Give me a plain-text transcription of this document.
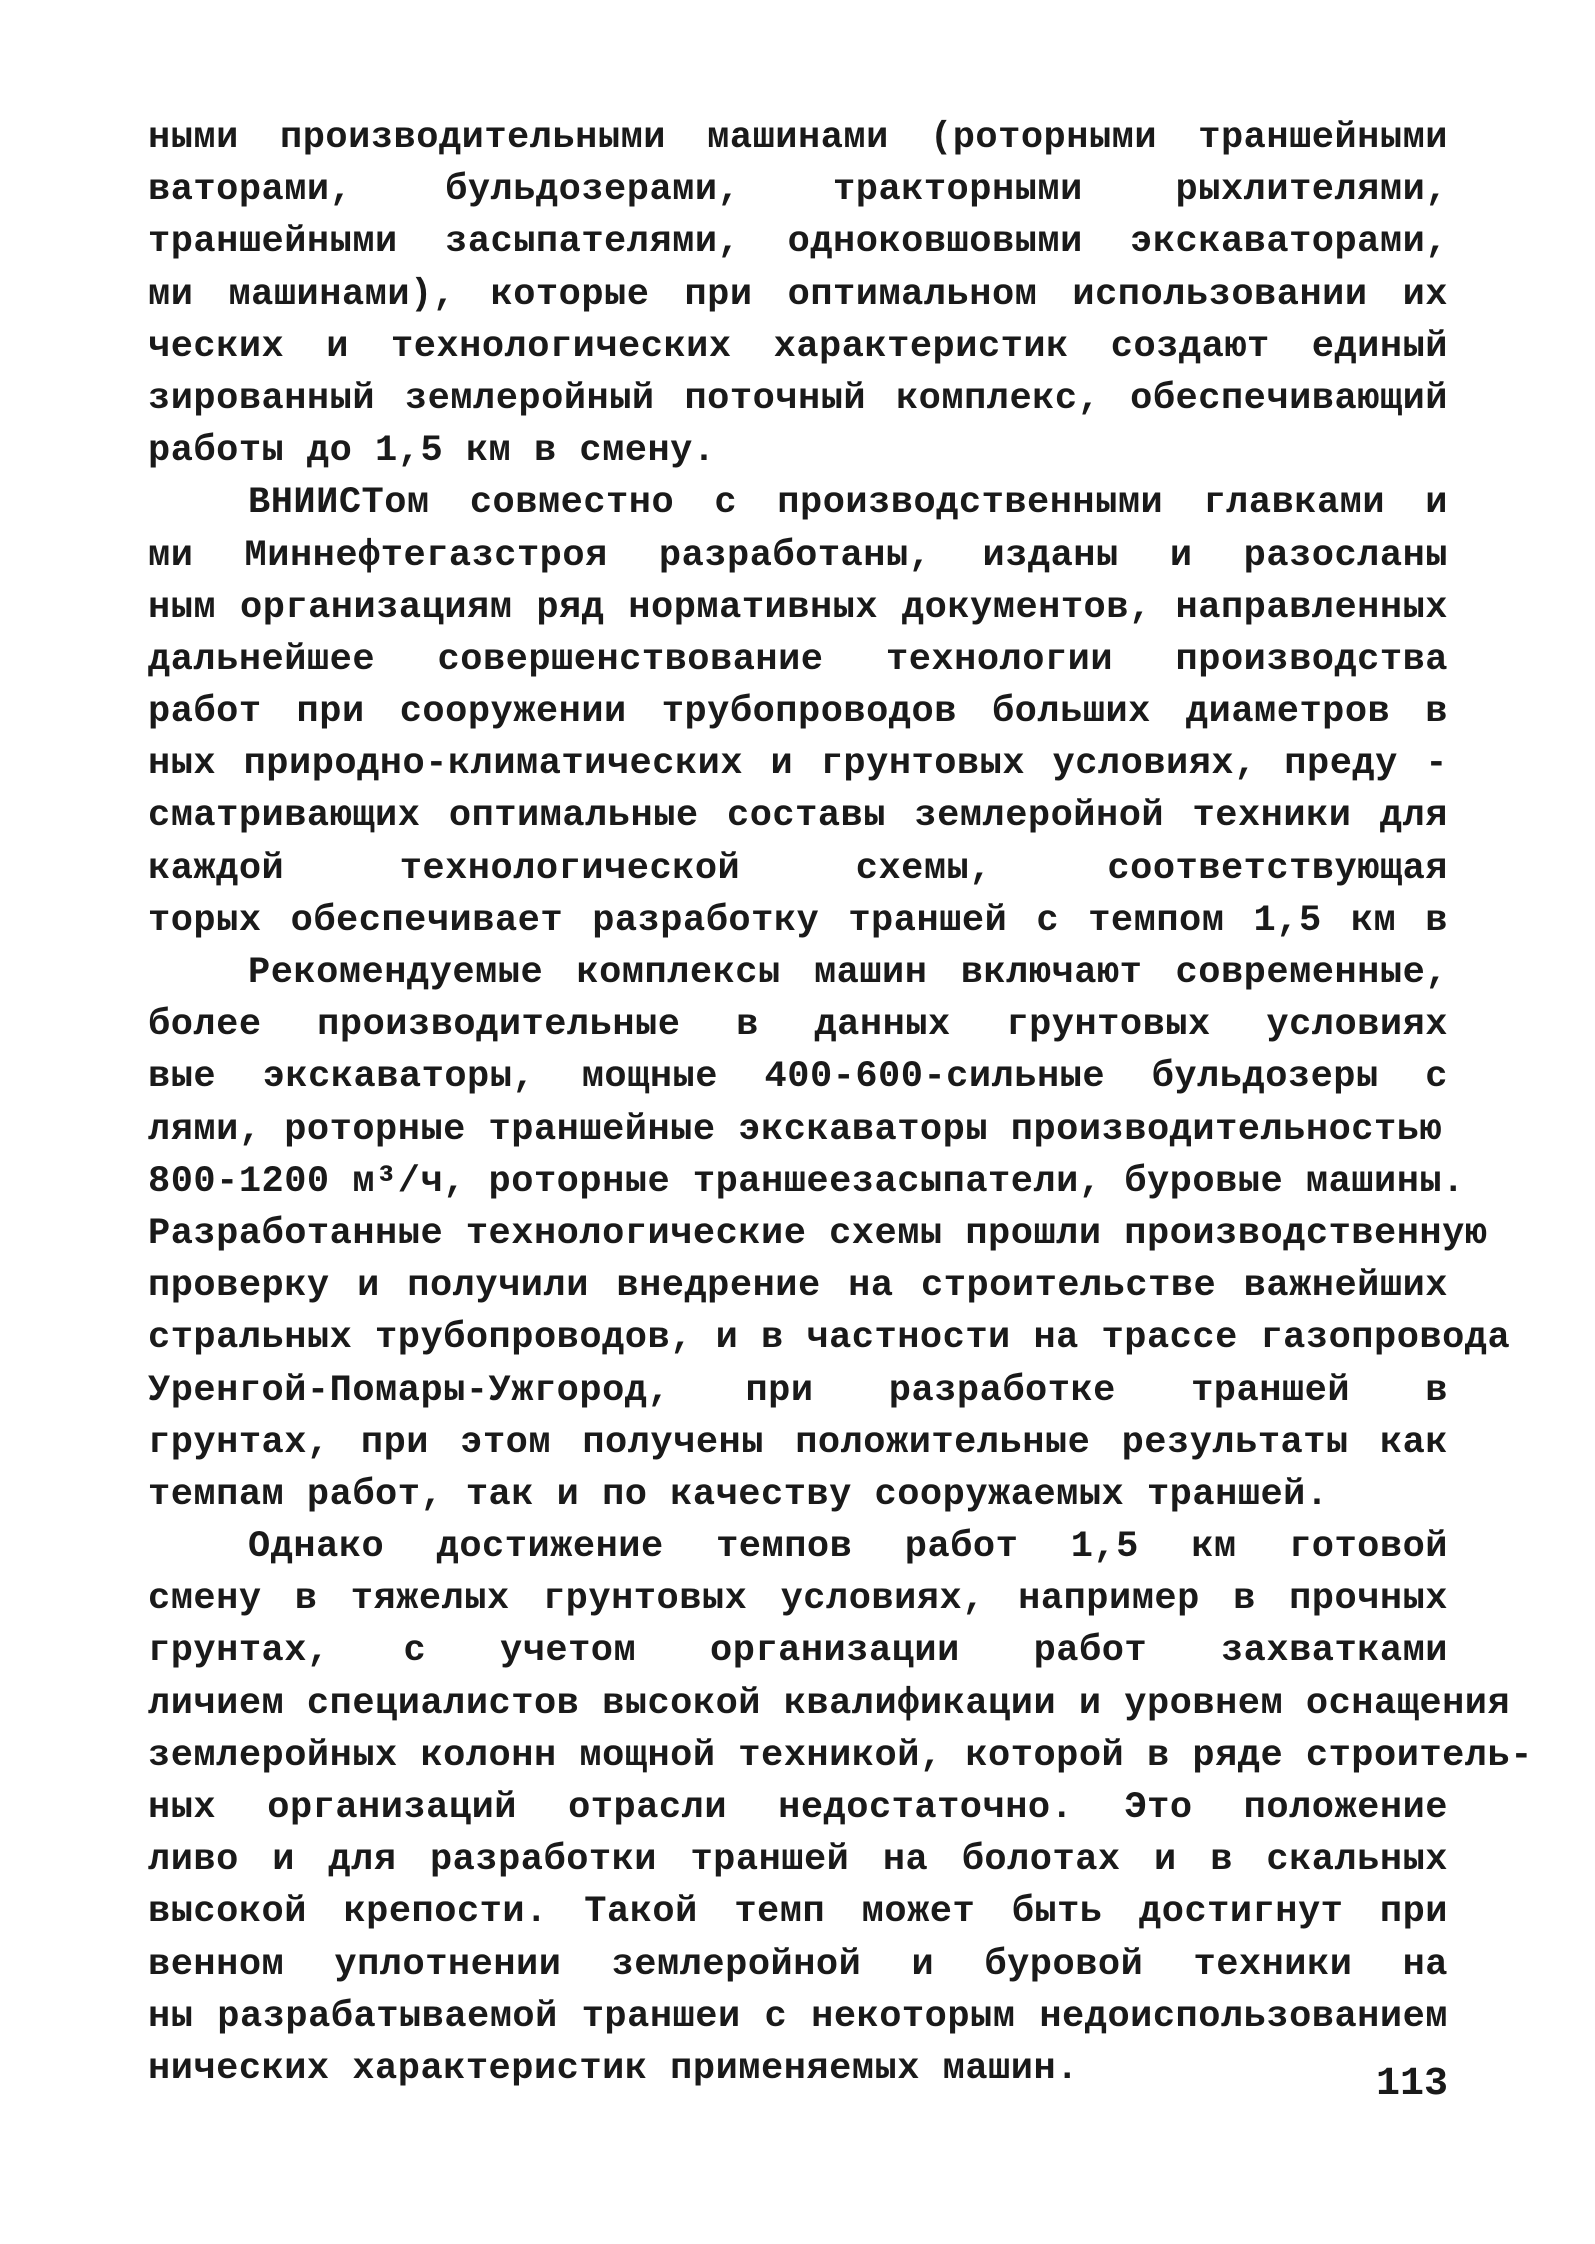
ными производительными машинами (роторными траншейными
ваторами, бульдозерами, тракторными рыхлителями,
траншейными засыпателями, одноковшовыми экскаваторами,
ми машинами), которые при оптимальном использовании их
ческих и технологических характеристик создают единый
зированный землеройный поточный комплекс, обеспечивающий
работы до 1,5 км в смену.
ВНИИСТом совместно с производственными главками и
ми Миннефтегазстроя разработаны, изданы и разосланы
ным организациям ряд нормативных документов, направленных
дальнейшее совершенствование технологии производства
работ при сооружении трубопроводов больших диаметров в
ных природно-климатических и грунтовых условиях, преду -
сматривающих оптимальные составы землеройной техники для
каждой технологической схемы, соответствующая
торых обеспечивает разработку траншей с темпом 1,5 км в
Рекомендуемые комплексы машин включают современные,
более производительные в данных грунтовых условиях
вые экскаваторы, мощные 400-600-сильные бульдозеры с
лями, роторные траншейные экскаваторы производительностью
800-1200 м³/ч, роторные траншеезасыпатели, буровые машины.
Разработанные технологические схемы прошли производственную
проверку и получили внедрение на строительстве важнейших
стральных трубопроводов, и в частности на трассе газопровода
Уренгой-Помары-Ужгород, при разработке траншей в
грунтах, при этом получены положительные результаты как
темпам работ, так и по качеству сооружаемых траншей.
Однако достижение темпов работ 1,5 км готовой
смену в тяжелых грунтовых условиях, например в прочных
грунтах, с учетом организации работ захватками
личием специалистов высокой квалификации и уровнем оснащения
землеройных колонн мощной техникой, которой в ряде строитель-
ных организаций отрасли недостаточно. Это положение
ливо и для разработки траншей на болотах и в скальных
высокой крепости. Такой темп может быть достигнут при
венном уплотнении землеройной и буровой техники на
ны разрабатываемой траншеи с некоторым недоиспользованием
нических характеристик применяемых машин.	113
